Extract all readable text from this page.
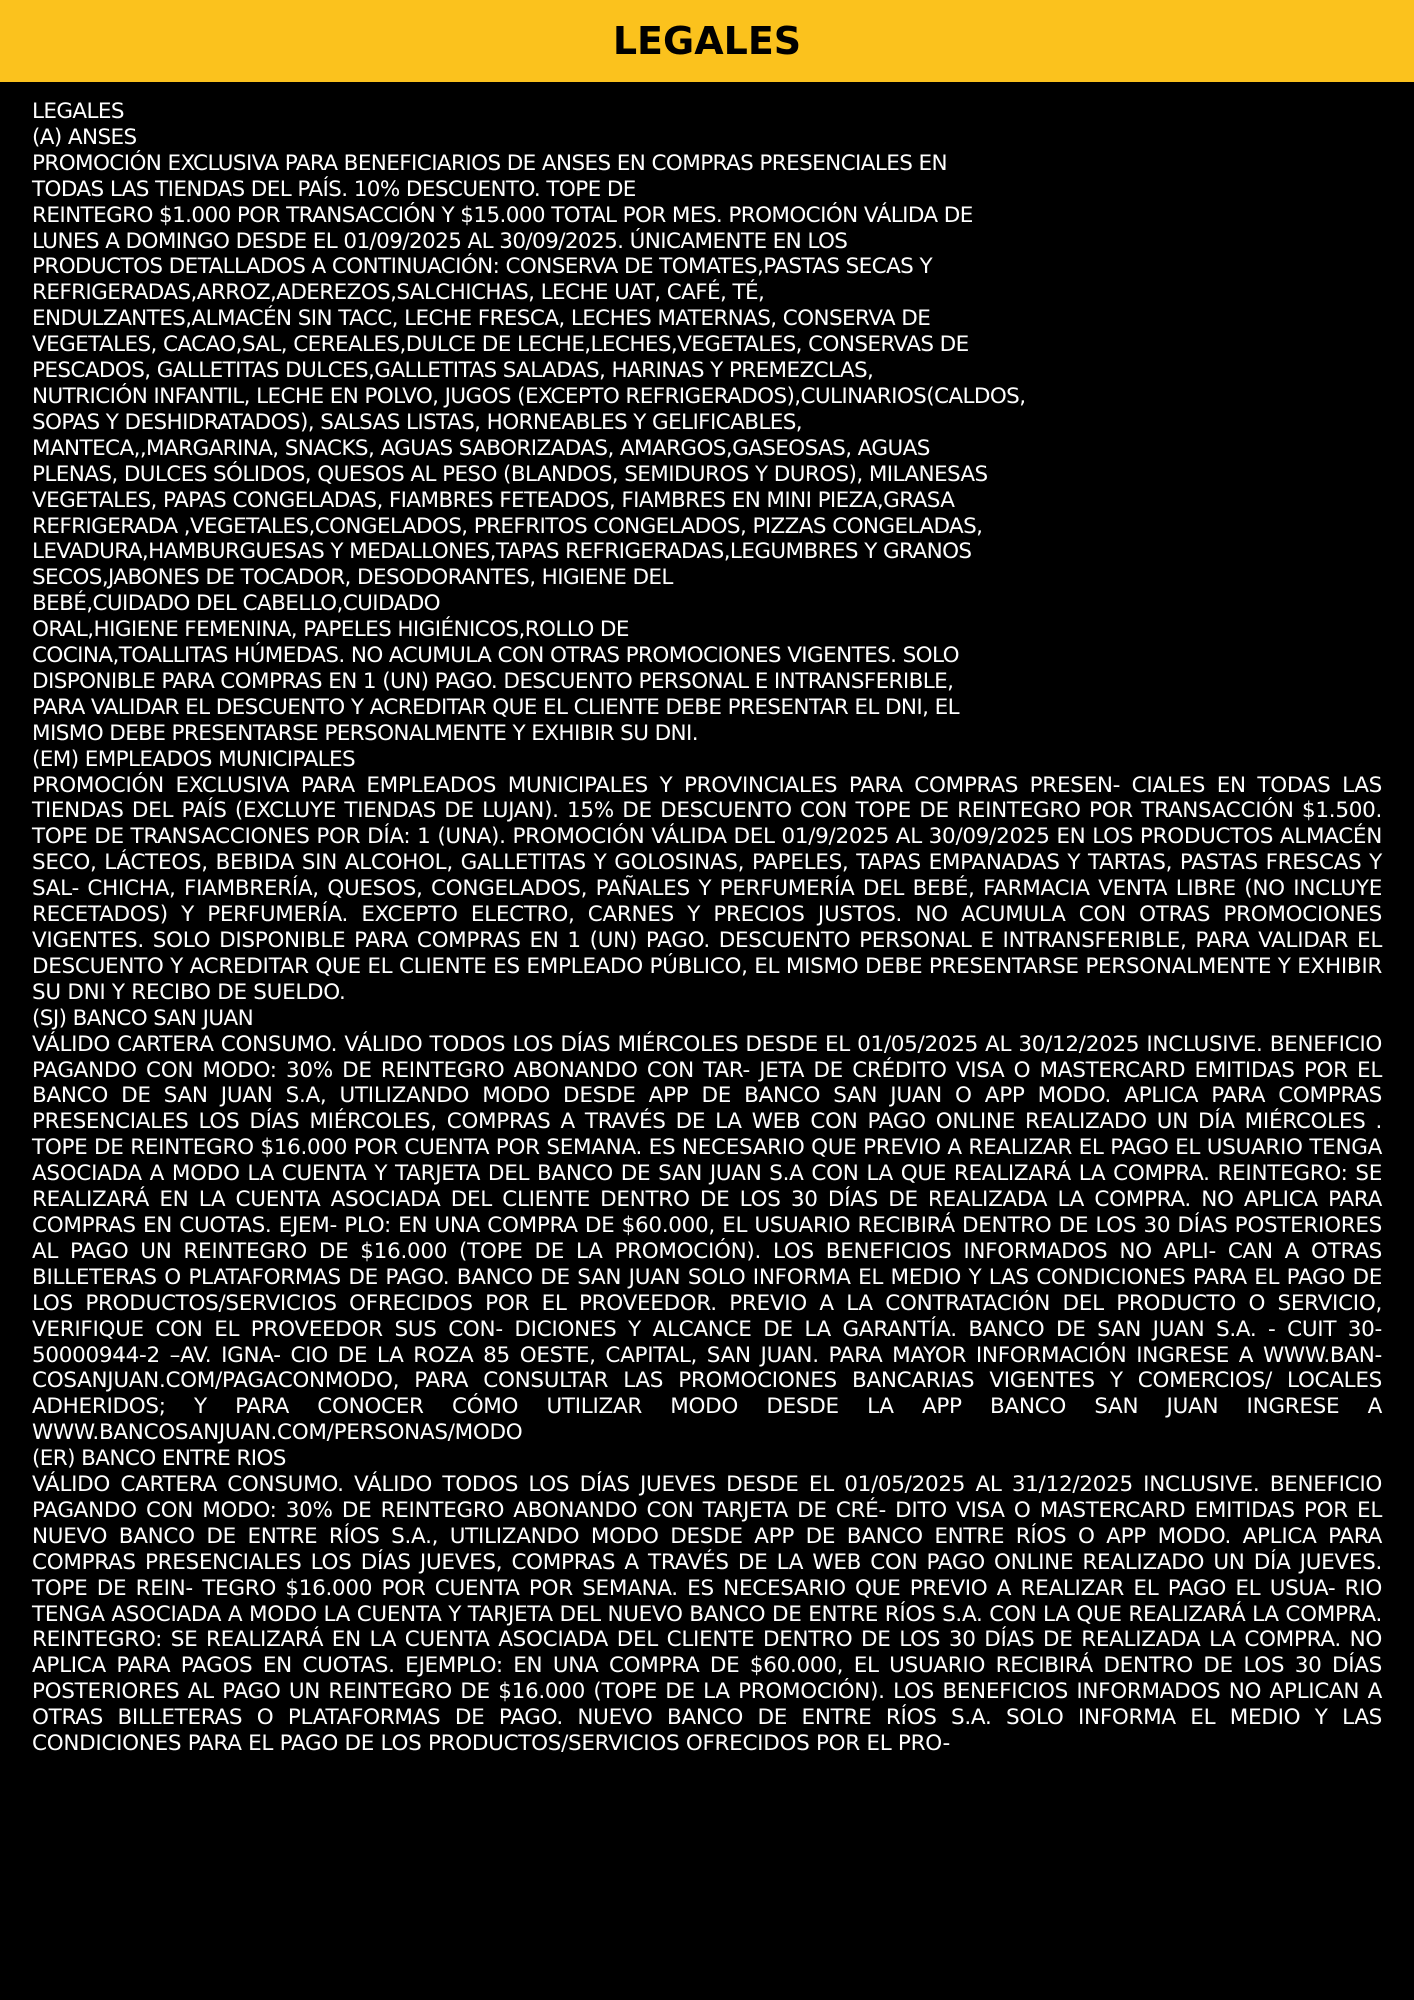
LEGALES

LEGALES

(A) ANSES

PROMOCIÓN EXCLUSIVA PARA BENEFICIARIOS DE ANSES EN COMPRAS PRESENCIALES EN

TODAS LAS TIENDAS DEL PAÍS. 10% DESCUENTO. TOPE DE

REINTEGRO $1.000 POR TRANSACCIÓN Y $15.000 TOTAL POR MES. PROMOCIÓN VÁLIDA DE

LUNES A DOMINGO DESDE EL 01/09/2025 AL 30/09/2025. ÚNICAMENTE EN LOS

PRODUCTOS DETALLADOS A CONTINUACIÓN: CONSERVA DE TOMATES,PASTAS SECAS Y

REFRIGERADAS,ARROZ,ADEREZOS,SALCHICHAS, LECHE UAT, CAFÉ, TÉ,

ENDULZANTES,ALMACÉN SIN TACC, LECHE FRESCA, LECHES MATERNAS, CONSERVA DE

VEGETALES, CACAO,SAL, CEREALES,DULCE DE LECHE,LECHES,VEGETALES, CONSERVAS DE

PESCADOS, GALLETITAS DULCES,GALLETITAS SALADAS, HARINAS Y PREMEZCLAS,

NUTRICIÓN INFANTIL, LECHE EN POLVO, JUGOS (EXCEPTO REFRIGERADOS),CULINARIOS(CALDOS,

SOPAS Y DESHIDRATADOS), SALSAS LISTAS, HORNEABLES Y GELIFICABLES,

MANTECA,,MARGARINA, SNACKS, AGUAS SABORIZADAS, AMARGOS,GASEOSAS, AGUAS

PLENAS, DULCES SÓLIDOS, QUESOS AL PESO (BLANDOS, SEMIDUROS Y DUROS), MILANESAS

VEGETALES, PAPAS CONGELADAS, FIAMBRES FETEADOS, FIAMBRES EN MINI PIEZA,GRASA

REFRIGERADA ,VEGETALES,CONGELADOS, PREFRITOS CONGELADOS, PIZZAS CONGELADAS,

LEVADURA,HAMBURGUESAS Y MEDALLONES,TAPAS REFRIGERADAS,LEGUMBRES Y GRANOS

SECOS,JABONES DE TOCADOR, DESODORANTES, HIGIENE DEL

BEBÉ,CUIDADO DEL CABELLO,CUIDADO

ORAL,HIGIENE FEMENINA, PAPELES HIGIÉNICOS,ROLLO DE

COCINA,TOALLITAS HÚMEDAS. NO ACUMULA CON OTRAS PROMOCIONES VIGENTES. SOLO

DISPONIBLE PARA COMPRAS EN 1 (UN) PAGO. DESCUENTO PERSONAL E INTRANSFERIBLE,

PARA VALIDAR EL DESCUENTO Y ACREDITAR QUE EL CLIENTE DEBE PRESENTAR EL DNI, EL

MISMO DEBE PRESENTARSE PERSONALMENTE Y EXHIBIR SU DNI.

(EM) EMPLEADOS MUNICIPALES

PROMOCIÓN EXCLUSIVA PARA EMPLEADOS MUNICIPALES Y PROVINCIALES PARA COMPRAS PRESEN- CIALES EN TODAS LAS TIENDAS DEL PAÍS (EXCLUYE TIENDAS DE LUJAN). 15% DE DESCUENTO CON TOPE DE REINTEGRO POR TRANSACCIÓN $1.500. TOPE DE TRANSACCIONES POR DÍA: 1 (UNA). PROMOCIÓN VÁLIDA DEL 01/9/2025 AL 30/09/2025 EN LOS PRODUCTOS ALMACÉN SECO, LÁCTEOS, BEBIDA SIN ALCOHOL, GALLETITAS Y GOLOSINAS, PAPELES, TAPAS EMPANADAS Y TARTAS, PASTAS FRESCAS Y SAL- CHICHA, FIAMBRERÍA, QUESOS, CONGELADOS, PAÑALES Y PERFUMERÍA DEL BEBÉ, FARMACIA VENTA LIBRE (NO INCLUYE RECETADOS) Y PERFUMERÍA. EXCEPTO ELECTRO, CARNES Y PRECIOS JUSTOS. NO ACUMULA CON OTRAS PROMOCIONES VIGENTES. SOLO DISPONIBLE PARA COMPRAS EN 1 (UN) PAGO. DESCUENTO PERSONAL E INTRANSFERIBLE, PARA VALIDAR EL DESCUENTO Y ACREDITAR QUE EL CLIENTE ES EMPLEADO PÚBLICO, EL MISMO DEBE PRESENTARSE PERSONALMENTE Y EXHIBIR SU DNI Y RECIBO DE SUELDO.

(SJ) BANCO SAN JUAN

VÁLIDO CARTERA CONSUMO. VÁLIDO TODOS LOS DÍAS MIÉRCOLES DESDE EL 01/05/2025 AL 30/12/2025 INCLUSIVE. BENEFICIO PAGANDO CON MODO: 30% DE REINTEGRO ABONANDO CON TAR- JETA DE CRÉDITO VISA O MASTERCARD EMITIDAS POR EL BANCO DE SAN JUAN S.A, UTILIZANDO MODO DESDE APP DE BANCO SAN JUAN O APP MODO. APLICA PARA COMPRAS PRESENCIALES LOS DÍAS MIÉRCOLES, COMPRAS A TRAVÉS DE LA WEB CON PAGO ONLINE REALIZADO UN DÍA MIÉRCOLES . TOPE DE REINTEGRO $16.000 POR CUENTA POR SEMANA. ES NECESARIO QUE PREVIO A REALIZAR EL PAGO EL USUARIO TENGA ASOCIADA A MODO LA CUENTA Y TARJETA DEL BANCO DE SAN JUAN S.A CON LA QUE REALIZARÁ LA COMPRA. REINTEGRO: SE REALIZARÁ EN LA CUENTA ASOCIADA DEL CLIENTE DENTRO DE LOS 30 DÍAS DE REALIZADA LA COMPRA. NO APLICA PARA COMPRAS EN CUOTAS. EJEM- PLO: EN UNA COMPRA DE $60.000, EL USUARIO RECIBIRÁ DENTRO DE LOS 30 DÍAS POSTERIORES AL PAGO UN REINTEGRO DE $16.000 (TOPE DE LA PROMOCIÓN). LOS BENEFICIOS INFORMADOS NO APLI- CAN A OTRAS BILLETERAS O PLATAFORMAS DE PAGO. BANCO DE SAN JUAN SOLO INFORMA EL MEDIO Y LAS CONDICIONES PARA EL PAGO DE LOS PRODUCTOS/SERVICIOS OFRECIDOS POR EL PROVEEDOR. PREVIO A LA CONTRATACIÓN DEL PRODUCTO O SERVICIO, VERIFIQUE CON EL PROVEEDOR SUS CON- DICIONES Y ALCANCE DE LA GARANTÍA. BANCO DE SAN JUAN S.A. - CUIT 30-50000944-2 –AV. IGNA- CIO DE LA ROZA 85 OESTE, CAPITAL, SAN JUAN. PARA MAYOR INFORMACIÓN INGRESE A WWW.BAN- COSANJUAN.COM/PAGACONMODO, PARA CONSULTAR LAS PROMOCIONES BANCARIAS VIGENTES Y COMERCIOS/ LOCALES ADHERIDOS; Y PARA CONOCER CÓMO UTILIZAR MODO DESDE LA APP BANCO SAN JUAN INGRESE A WWW.BANCOSANJUAN.COM/PERSONAS/MODO

(ER) BANCO ENTRE RIOS

VÁLIDO CARTERA CONSUMO. VÁLIDO TODOS LOS DÍAS JUEVES DESDE EL 01/05/2025 AL 31/12/2025 INCLUSIVE. BENEFICIO PAGANDO CON MODO: 30% DE REINTEGRO ABONANDO CON TARJETA DE CRÉ- DITO VISA O MASTERCARD EMITIDAS POR EL NUEVO BANCO DE ENTRE RÍOS S.A., UTILIZANDO MODO DESDE APP DE BANCO ENTRE RÍOS O APP MODO. APLICA PARA COMPRAS PRESENCIALES LOS DÍAS JUEVES, COMPRAS A TRAVÉS DE LA WEB CON PAGO ONLINE REALIZADO UN DÍA JUEVES. TOPE DE REIN- TEGRO $16.000 POR CUENTA POR SEMANA. ES NECESARIO QUE PREVIO A REALIZAR EL PAGO EL USUA- RIO TENGA ASOCIADA A MODO LA CUENTA Y TARJETA DEL NUEVO BANCO DE ENTRE RÍOS S.A. CON LA QUE REALIZARÁ LA COMPRA. REINTEGRO: SE REALIZARÁ EN LA CUENTA ASOCIADA DEL CLIENTE DENTRO DE LOS 30 DÍAS DE REALIZADA LA COMPRA. NO APLICA PARA PAGOS EN CUOTAS. EJEMPLO: EN UNA COMPRA DE $60.000, EL USUARIO RECIBIRÁ DENTRO DE LOS 30 DÍAS POSTERIORES AL PAGO UN REINTEGRO DE $16.000 (TOPE DE LA PROMOCIÓN). LOS BENEFICIOS INFORMADOS NO APLICAN A OTRAS BILLETERAS O PLATAFORMAS DE PAGO. NUEVO BANCO DE ENTRE RÍOS S.A. SOLO INFORMA EL MEDIO Y LAS CONDICIONES PARA EL PAGO DE LOS PRODUCTOS/SERVICIOS OFRECIDOS POR EL PRO-
